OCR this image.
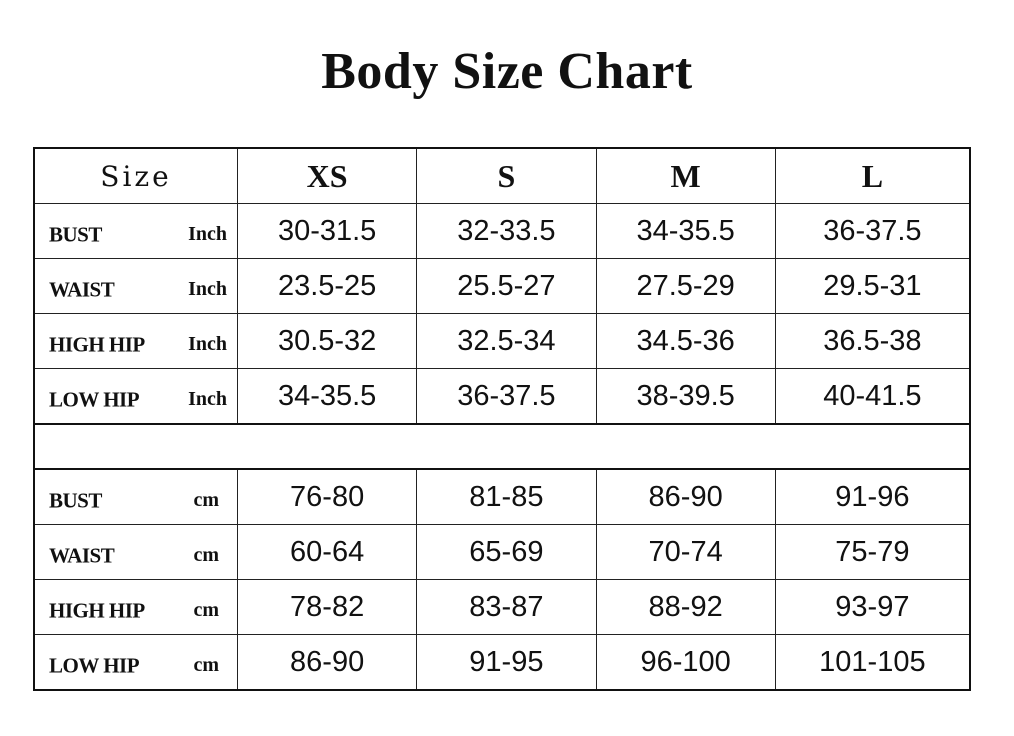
Body Size Chart
Size	XS	S	M	L

BUST Inch	30-31.5	32-33.5	34-35.5	36-37.5

WAIST Inch	23.5-25	25.5-27	27.5-29	29.5-31

HIGH HIP Inch	30.5-32	32.5-34	34.5-36	36.5-38

LOW HIP Inch	34-35.5	36-37.5	38-39.5	40-41.5

BUST cm	76-80	81-85	86-90	91-96

WAIST cm	60-64	65-69	70-74	75-79

HIGH HIP cm	78-82	83-87	88-92	93-97

LOW HIP cm	86-90	91-95	96-100	101-105
